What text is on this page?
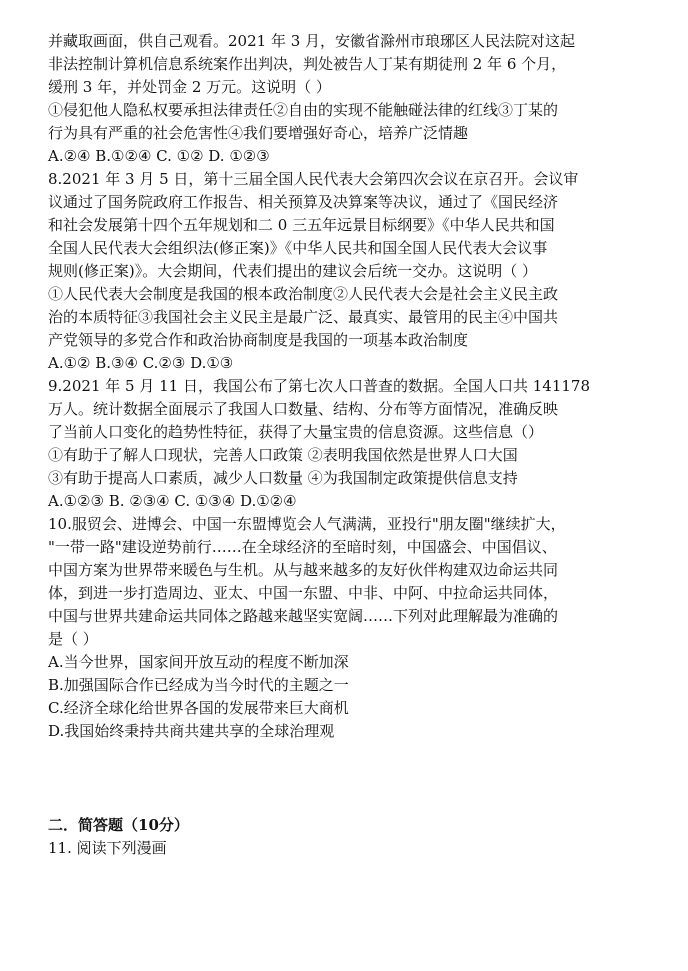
并藏取画面，供自己观看。2021 年 3 月，安徽省滁州市琅琊区人民法院对这起
非法控制计算机信息系统案作出判决，判处被告人丁某有期徒刑 2 年 6 个月，
缓刑 3 年，并处罚金 2 万元。这说明（ ）
①侵犯他人隐私权要承担法律责任②自由的实现不能触碰法律的红线③丁某的
行为具有严重的社会危害性④我们要增强好奇心，培养广泛情趣
A.②④ B.①②④ C. ①② D. ①②③
8.2021 年 3 月 5 日，第十三届全国人民代表大会第四次会议在京召开。会议审
议通过了国务院政府工作报告、相关预算及决算案等决议，通过了《国民经济
和社会发展第十四个五年规划和二 0 三五年远景目标纲要》《中华人民共和国
全国人民代表大会组织法(修正案)》《中华人民共和国全国人民代表大会议事
规则(修正案)》。大会期间，代表们提出的建议会后统一交办。这说明（ ）
①人民代表大会制度是我国的根本政治制度②人民代表大会是社会主义民主政
治的本质特征③我国社会主义民主是最广泛、最真实、最管用的民主④中国共
产党领导的多党合作和政治协商制度是我国的一项基本政治制度
A.①② B.③④ C.②③ D.①③
9.2021 年 5 月 11 日，我国公布了第七次人口普查的数据。全国人口共 141178
万人。统计数据全面展示了我国人口数量、结构、分布等方面情况，准确反映
了当前人口变化的趋势性特征，获得了大量宝贵的信息资源。这些信息（）
①有助于了解人口现状，完善人口政策 ②表明我国依然是世界人口大国
③有助于提高人口素质，减少人口数量 ④为我国制定政策提供信息支持
A.①②③ B. ②③④ C. ①③④ D.①②④
10.服贸会、进博会、中国一东盟博览会人气满满，亚投行"朋友圈"继续扩大，
"一带一路"建设逆势前行……在全球经济的至暗时刻，中国盛会、中国倡议、
中国方案为世界带来暖色与生机。从与越来越多的友好伙伴构建双边命运共同
体，到进一步打造周边、亚太、中国一东盟、中非、中阿、中拉命运共同体，
中国与世界共建命运共同体之路越来越坚实宽阔……下列对此理解最为准确的
是（ ）
A.当今世界，国家间开放互动的程度不断加深
B.加强国际合作已经成为当今时代的主题之一
C.经济全球化给世界各国的发展带来巨大商机
D.我国始终秉持共商共建共享的全球治理观
二．简答题（10分）
11. 阅读下列漫画
